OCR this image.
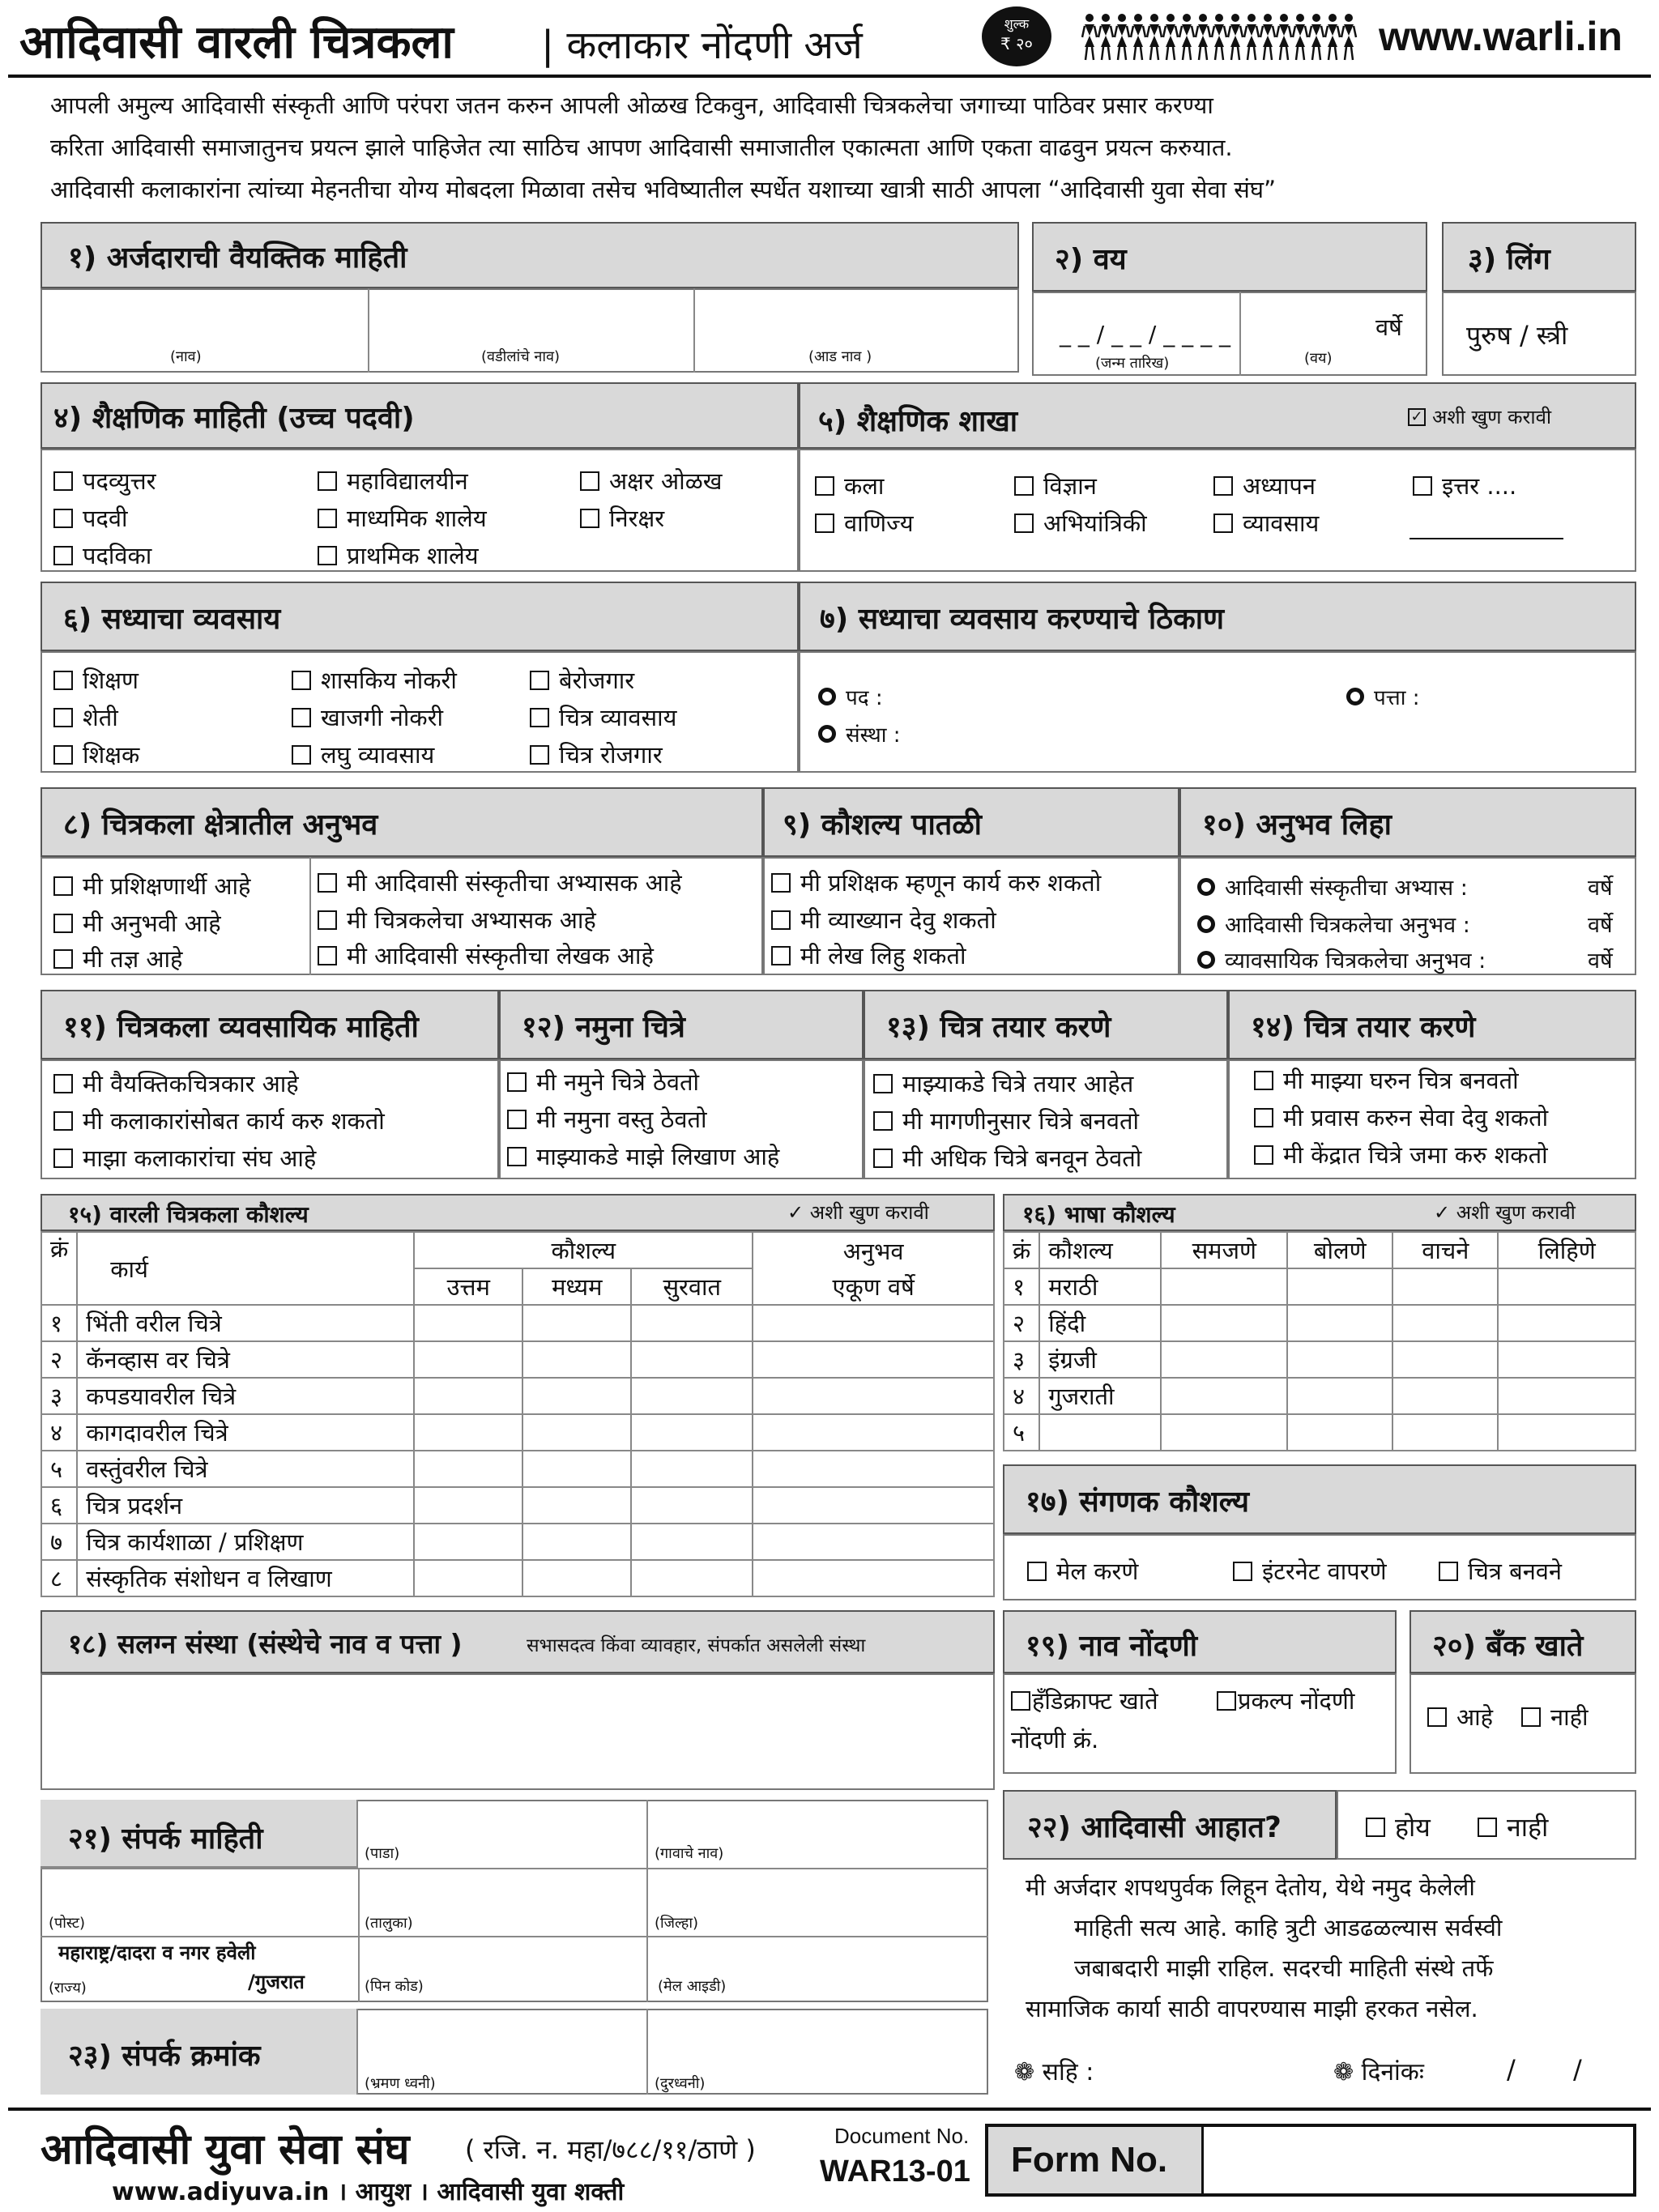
आदिवासी वारली चित्रकला | कलाकार नोंदणी अर्ज	शुल्क
₹ २०	www.warli.in
आपली अमुल्य आदिवासी संस्कृती आणि परंपरा जतन करुन आपली ओळख टिकवुन, आदिवासी चित्रकलेचा जगाच्या पाठिवर प्रसार करण्या
करिता आदिवासी समाजातुनच प्रयत्न झाले पाहिजेत त्या साठिच आपण आदिवासी समाजातील एकात्मता आणि एकता वाढवुन प्रयत्न करुयात.
आदिवासी कलाकारांना त्यांच्या मेहनतीचा योग्य मोबदला मिळावा तसेच भविष्यातील स्पर्धेत यशाच्या खात्री साठी आपला “आदिवासी युवा सेवा संघ”
१) अर्जदाराची वैयक्तिक माहिती
(नाव)	(वडीलांचे नाव)	(आड नाव )
२) वय
_ _ / _ _ / _ _ _ _
(जन्म तारिख)	(वय)
वर्षे
३) लिंग
पुरुष / स्त्री
४) शैक्षणिक माहिती (उच्च पदवी)
पदव्युत्तर
पदवी
पदविका
महाविद्यालयीन
माध्यमिक शालेय
प्राथमिक शालेय
अक्षर ओळख
निरक्षर
५) शैक्षणिक शाखा	✓ अशी खुण करावी
कला
वाणिज्य
विज्ञान
अभियांत्रिकी
अध्यापन
व्यावसाय
इत्तर ....
६) सध्याचा व्यवसाय
शिक्षण
शेती
शिक्षक
शासकिय नोकरी
खाजगी नोकरी
लघु व्यावसाय
बेरोजगार
चित्र व्यावसाय
चित्र रोजगार
७) सध्याचा व्यवसाय करण्याचे ठिकाण
पद :
संस्था :
पत्ता :
८) चित्रकला क्षेत्रातील अनुभव
मी प्रशिक्षणार्थी आहे
मी अनुभवी आहे
मी तज्ञ आहे
मी आदिवासी संस्कृतीचा अभ्यासक आहे
मी चित्रकलेचा अभ्यासक आहे
मी आदिवासी संस्कृतीचा लेखक आहे
९) कौशल्य पातळी
मी प्रशिक्षक म्हणून कार्य करु शकतो
मी व्याख्यान देवु शकतो
मी लेख लिहु शकतो
१०) अनुभव लिहा
आदिवासी संस्कृतीचा अभ्यास :
आदिवासी चित्रकलेचा अनुभव :
व्यावसायिक चित्रकलेचा अनुभव :
वर्षे
वर्षे
वर्षे
११) चित्रकला व्यवसायिक माहिती
मी वैयक्तिकचित्रकार आहे
मी कलाकारांसोबत कार्य करु शकतो
माझा कलाकारांचा संघ आहे
१२) नमुना चित्रे
मी नमुने चित्रे ठेवतो
मी नमुना वस्तु ठेवतो
माझ्याकडे माझे लिखाण आहे
१३) चित्र तयार करणे
माझ्याकडे चित्रे तयार आहेत
मी मागणीनुसार चित्रे बनवतो
मी अधिक चित्रे बनवून ठेवतो
१४) चित्र तयार करणे
मी माझ्या घरुन चित्र बनवतो
मी प्रवास करुन सेवा देवु शकतो
मी केंद्रात चित्रे जमा करु शकतो
१५) वारली चित्रकला कौशल्य	✓ अशी खुण करावी
क्रं	कार्य	कौशल्य			अनुभव
		उत्तम	मध्यम	सुरवात	एकूण वर्षे
१	भिंती वरील चित्रे				
२	कॅनव्हास वर चित्रे				
३	कपडयावरील चित्रे				
४	कागदावरील चित्रे				
५	वस्तुंवरील चित्रे				
६	चित्र प्रदर्शन				
७	चित्र कार्यशाळा / प्रशिक्षण				
८	संस्कृतिक संशोधन व लिखाण				
१६) भाषा कौशल्य	✓ अशी खुण करावी
क्रं	कौशल्य	समजणे	बोलणे	वाचने	लिहिणे
१	मराठी				
२	हिंदी				
३	इंग्रजी				
४	गुजराती				
५					
१७) संगणक कौशल्य
मेल करणे	इंटरनेट वापरणे	चित्र बनवने
१८) सलग्न संस्था (संस्थेचे नाव व पत्ता )	सभासदत्व किंवा व्यावहार, संपर्कात असलेली संस्था	१९) नाव नोंदणी
हँडिक्राफ्ट खाते	प्रकल्प नोंदणी
नोंदणी क्रं.
२०) बँक खाते
आहे नाही
२१) संपर्क माहिती	(पाडा)	(गावाचे नाव)
(पोस्ट)	(तालुका)	(जिल्हा)
महाराष्ट्र/दादरा व नगर हवेली
/गुजरात
(राज्य)	(पिन कोड)	(मेल आइडी)
२३) संपर्क क्रमांक
(भ्रमण ध्वनी)	(दुरध्वनी)
२२) आदिवासी आहात?	होय	नाही
मी अर्जदार शपथपुर्वक लिहून देतोय, येथे नमुद केलेली
माहिती सत्य आहे. काहि त्रुटी आडढळल्यास सर्वस्वी
जबाबदारी माझी राहिल. सदरची माहिती संस्थे तर्फे
सामाजिक कार्या साठी वापरण्यास माझी हरकत नसेल.
❁ सहि :	❁ दिनांकः	/       /
आदिवासी युवा सेवा संघ ( रजि. न. महा/७८८/११/ठाणे )
www.adiyuva.in । आयुश । आदिवासी युवा शक्ती
Document No.
WAR13-01 Form No.
